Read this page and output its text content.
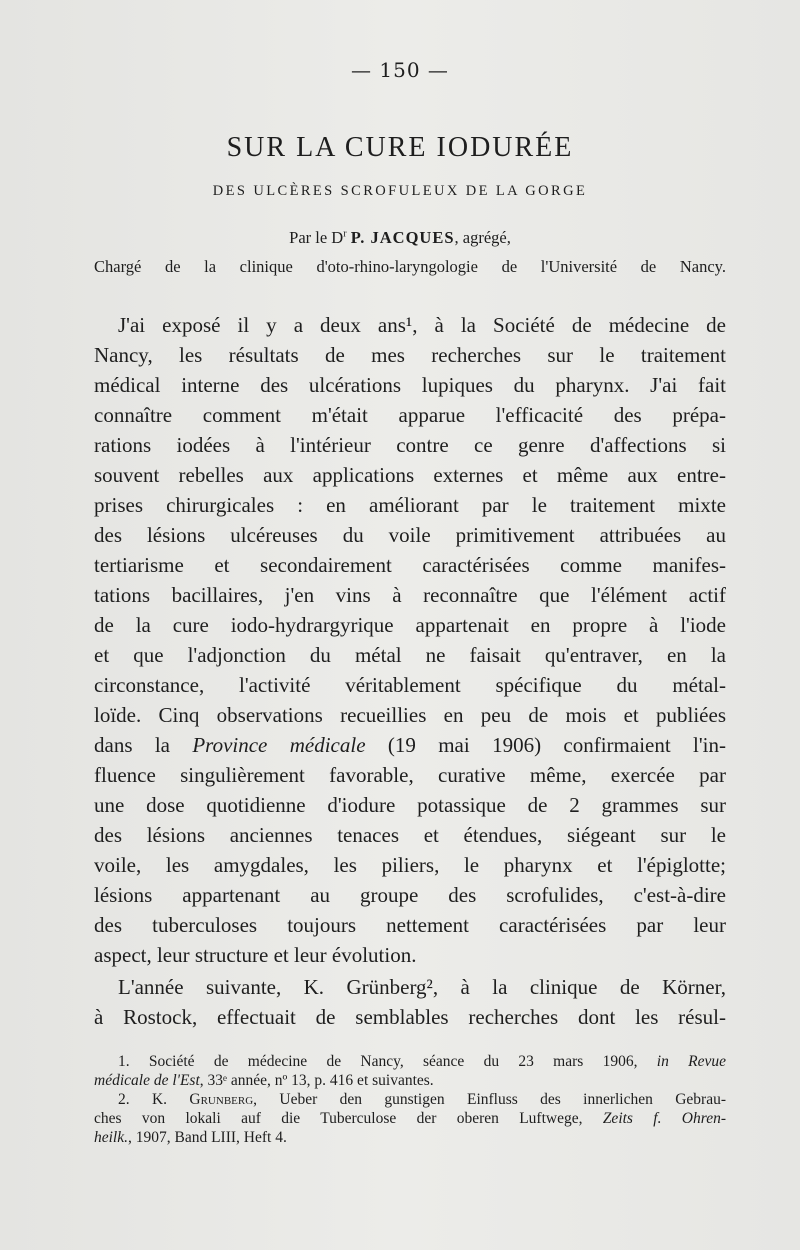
— 150 —
SUR LA CURE IODURÉE
DES ULCÈRES SCROFULEUX DE LA GORGE
Par le $D^r$ P. JACQUES, agrégé,
Chargé de la clinique d'oto-rhino-laryngologie de l'Université de Nancy.
J'ai exposé il y a deux ans¹, à la Société de médecine de
Nancy, les résultats de mes recherches sur le traitement
médical interne des ulcérations lupiques du pharynx. J'ai fait
connaître comment m'était apparue l'efficacité des prépa-
rations iodées à l'intérieur contre ce genre d'affections si
souvent rebelles aux applications externes et même aux entre-
prises chirurgicales : en améliorant par le traitement mixte
des lésions ulcéreuses du voile primitivement attribuées au
tertiarisme et secondairement caractérisées comme manifes-
tations bacillaires, j'en vins à reconnaître que l'élément actif
de la cure iodo-hydrargyrique appartenait en propre à l'iode
et que l'adjonction du métal ne faisait qu'entraver, en la
circonstance, l'activité véritablement spécifique du métal-
loïde. Cinq observations recueillies en peu de mois et publiées
dans la Province médicale (19 mai 1906) confirmaient l'in-
fluence singulièrement favorable, curative même, exercée par
une dose quotidienne d'iodure potassique de 2 grammes sur
des lésions anciennes tenaces et étendues, siégeant sur le
voile, les amygdales, les piliers, le pharynx et l'épiglotte;
lésions appartenant au groupe des scrofulides, c'est-à-dire
des tuberculoses toujours nettement caractérisées par leur
aspect, leur structure et leur évolution.
L'année suivante, K. Grünberg², à la clinique de Körner,
à Rostock, effectuait de semblables recherches dont les résul-
1. Société de médecine de Nancy, séance du 23 mars 1906, in Revue
médicale de l'Est, 33ᵉ année, nº 13, p. 416 et suivantes.
2. K. Grunberg, Ueber den gunstigen Einfluss des innerlichen Gebrau-
ches von lokali auf die Tuberculose der oberen Luftwege, Zeits f. Ohren-
heilk., 1907, Band LIII, Heft 4.
